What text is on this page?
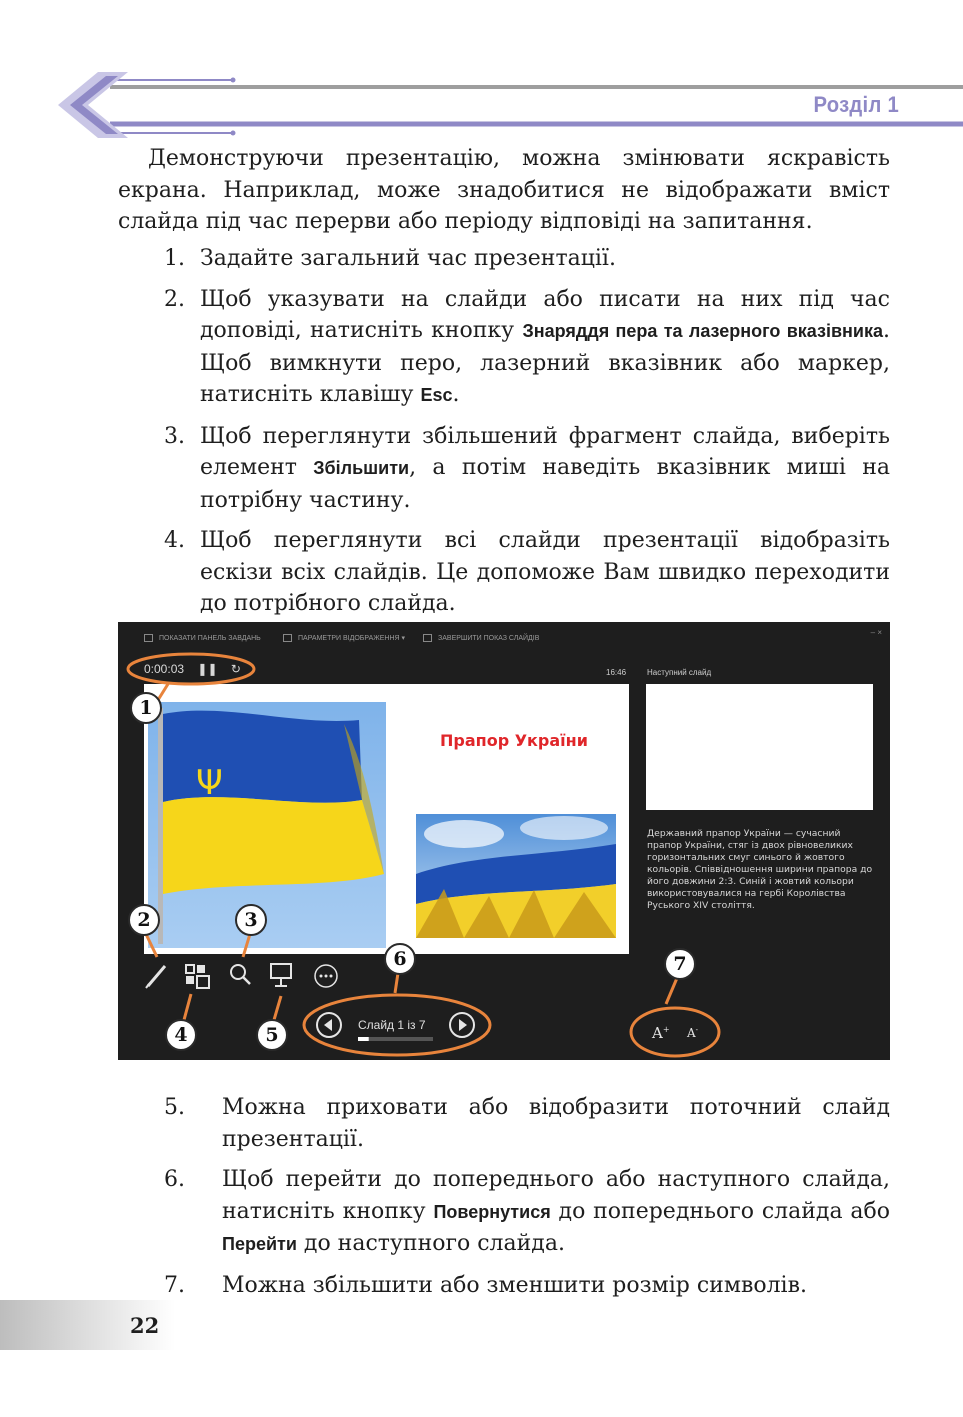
Розділ 1

Демонструючи презентацію, можна змінювати яскравість екрана. Наприклад, може знадобитися не відображати вміст слайда під час перерви або періоду відповіді на запитання.

1. Задайте загальний час презентації.
2. Щоб указувати на слайди або писати на них під час доповіді, натисніть кнопку Знаряддя пера та лазерного вказівника. Щоб вимкнути перо, лазерний вказівник або маркер, натисніть клавішу Esc.
3. Щоб переглянути збільшений фрагмент слайда, виберіть елемент Збільшити, а потім наведіть вказівник миші на потрібну частину.
4. Щоб переглянути всі слайди презентації відобразіть ескізи всіх слайдів. Це допоможе Вам швидко переходити до потрібного слайда.
ПОКАЗАТИ ПАНЕЛЬ ЗАВДАНЬ	ПАРАМЕТРИ ВІДОБРАЖЕННЯ ▾	ЗАВЕРШИТИ ПОКАЗ СЛАЙДІВ
– ×
0:00:03 ❚❚ ↻	16:46	Наступний слайд
Ψ
Прапор України
Державний прапор України — сучасний прапор України, стяг із двох рівновеликих горизонтальних смуг синього й жовтого кольорів. Співвідношення ширини прапора до його довжини 2:3. Синій і жовтий кольори використовувалися на гербі Королівства Руського XIV століття.
Слайд 1 із 7	A+ A-
1
2	3
4	5
6	7
5. Можна приховати або відобразити поточний слайд презентації.
6. Щоб перейти до попереднього або наступного слайда, натисніть кнопку Повернутися до попереднього слайда або Перейти до наступного слайда.
7. Можна збільшити або зменшити розмір символів.
22
